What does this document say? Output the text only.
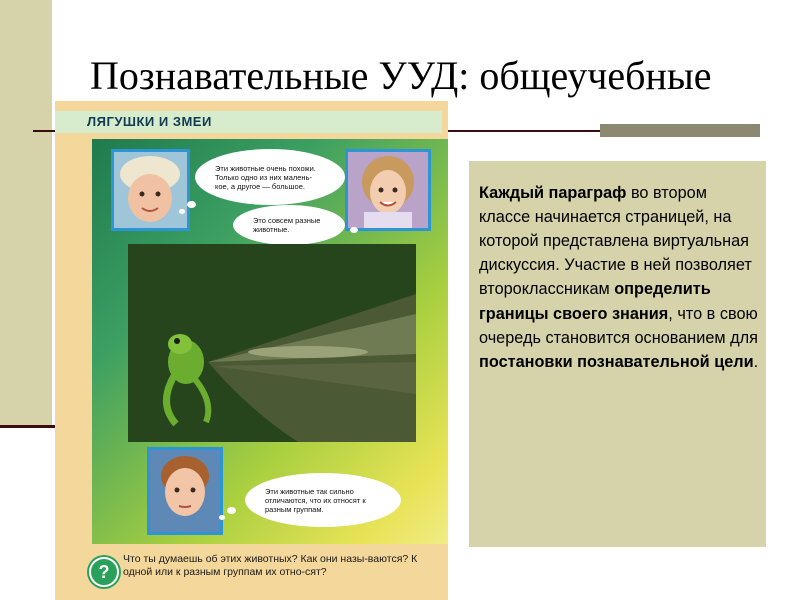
Познавательные УУД: общеучебные
ЛЯГУШКИ И ЗМЕИ
Эти животные очень похожи. Только одно из них малень-кое, а другое — большое.
Это совсем разные животные.
Эти животные так сильно отличаются, что их относят к разным группам.
?
Что ты думаешь об этих животных? Как они назы-ваются? К одной или к разным группам их отно-сят?

Каждый параграф во втором классе начинается страницей, на которой представлена виртуальная дискуссия. Участие в ней позволяет второклассникам определить границы своего знания, что в свою очередь становится основанием для постановки познавательной цели.
